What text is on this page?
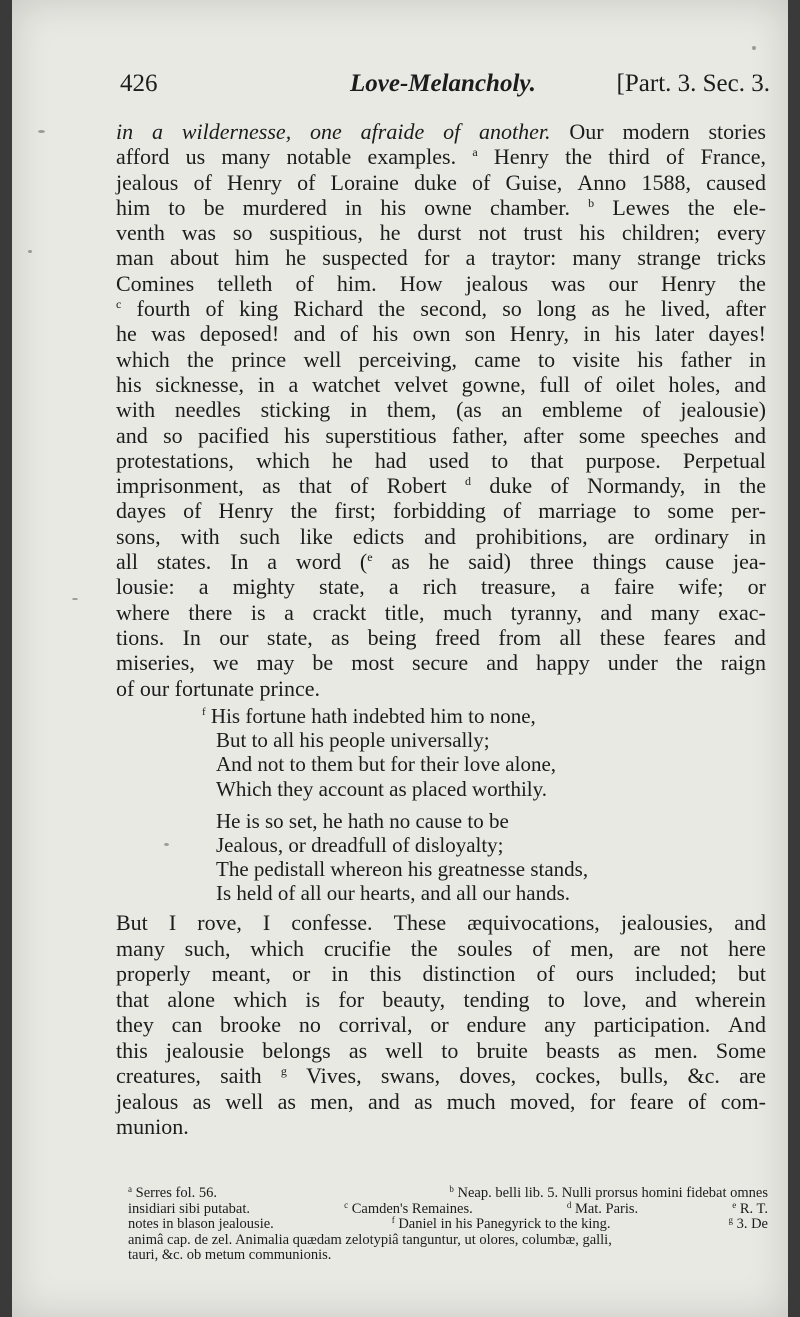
426	Love-Melancholy.	[Part. 3. Sec. 3.
in a wildernesse, one afraide of another. Our modern stories
afford us many notable examples. $^a$ Henry the third of France,
jealous of Henry of Loraine duke of Guise, Anno 1588, caused
him to be murdered in his owne chamber. $^b$ Lewes the ele-
venth was so suspitious, he durst not trust his children; every
man about him he suspected for a traytor: many strange tricks
Comines telleth of him. How jealous was our Henry the
$^c$ fourth of king Richard the second, so long as he lived, after
he was deposed! and of his own son Henry, in his later dayes!
which the prince well perceiving, came to visite his father in
his sicknesse, in a watchet velvet gowne, full of oilet holes, and
with needles sticking in them, (as an embleme of jealousie)
and so pacified his superstitious father, after some speeches and
protestations, which he had used to that purpose. Perpetual
imprisonment, as that of Robert $^d$ duke of Normandy, in the
dayes of Henry the first; forbidding of marriage to some per-
sons, with such like edicts and prohibitions, are ordinary in
all states. In a word ($^e$ as he said) three things cause jea-
lousie: a mighty state, a rich treasure, a faire wife; or
where there is a crackt title, much tyranny, and many exac-
tions. In our state, as being freed from all these feares and
miseries, we may be most secure and happy under the raign
of our fortunate prince.
$^f$ His fortune hath indebted him to none,
But to all his people universally;
And not to them but for their love alone,
Which they account as placed worthily.
He is so set, he hath no cause to be
Jealous, or dreadfull of disloyalty;
The pedistall whereon his greatnesse stands,
Is held of all our hearts, and all our hands.
But I rove, I confesse. These æquivocations, jealousies, and
many such, which crucifie the soules of men, are not here
properly meant, or in this distinction of ours included; but
that alone which is for beauty, tending to love, and wherein
they can brooke no corrival, or endure any participation. And
this jealousie belongs as well to bruite beasts as men. Some
creatures, saith $^g$ Vives, swans, doves, cockes, bulls, &c. are
jealous as well as men, and as much moved, for feare of com-
munion.
$^a$ Serres fol. 56.	$^b$ Neap. belli lib. 5. Nulli prorsus homini fidebat omnes
insidiari sibi putabat.	$^c$ Camden's Remaines.	$^d$ Mat. Paris.	$^e$ R. T.
notes in blason jealousie.	$^f$ Daniel in his Panegyrick to the king.	$^g$ 3. De
animâ cap. de zel. Animalia quædam zelotypiâ tanguntur, ut olores, columbæ, galli,
tauri, &c. ob metum communionis.
